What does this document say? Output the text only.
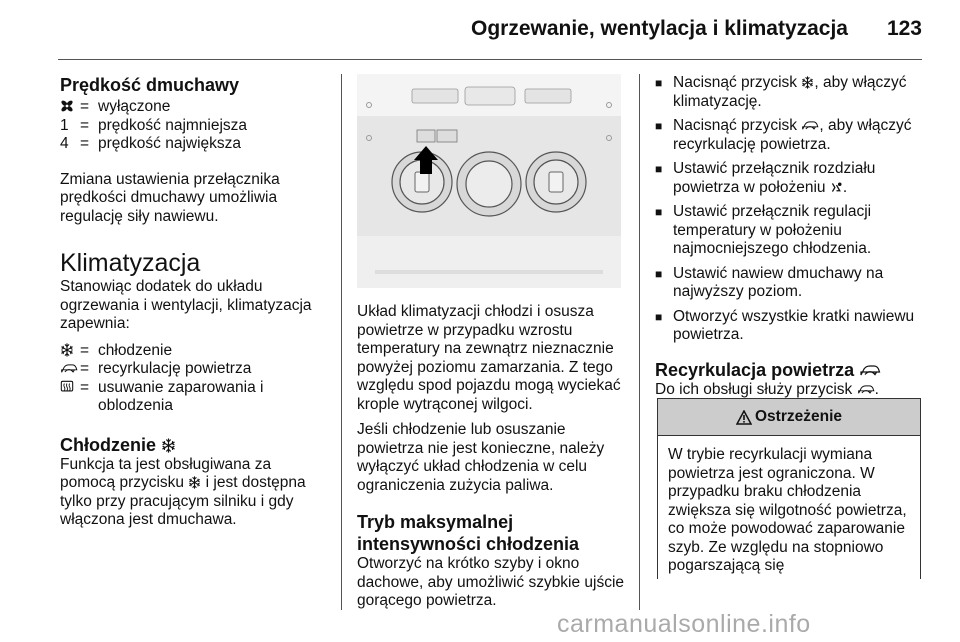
Ogrzewanie, wentylacja i klimatyzacja 123
Prędkość dmuchawy
= wyłączone
1 = prędkość najmniejsza
4 = prędkość największa

Zmiana ustawienia przełącznika prędkości dmuchawy umożliwia regulację siły nawiewu.

Klimatyzacja

Stanowiąc dodatek do układu ogrzewania i wentylacji, klimatyzacja zapewnia:

= chłodzenie
= recyrkulację powietrza
= usuwanie zaparowania i oblodzenia
Chłodzenie

Funkcja ta jest obsługiwana za pomocą przycisku i jest dostępna tylko przy pracującym silniku i gdy włączona jest dmuchawa.

Układ klimatyzacji chłodzi i osusza powietrze w przypadku wzrostu temperatury na zewnątrz nieznacznie powyżej poziomu zamarzania. Z tego względu spod pojazdu mogą wyciekać krople wytrąconej wilgoci.

Jeśli chłodzenie lub osuszanie powietrza nie jest konieczne, należy wyłączyć układ chłodzenia w celu ograniczenia zużycia paliwa.

Tryb maksymalnej intensywności chłodzenia

Otworzyć na krótko szyby i okno dachowe, aby umożliwić szybkie ujście gorącego powietrza.

■ Nacisnąć przycisk , aby włączyć klimatyzację.
■ Nacisnąć przycisk , aby włączyć recyrkulację powietrza.
■ Ustawić przełącznik rozdziału powietrza w położeniu .
■ Ustawić przełącznik regulacji temperatury w położeniu najmocniejszego chłodzenia.
■ Ustawić nawiew dmuchawy na najwyższy poziom.
■ Otworzyć wszystkie kratki nawiewu powietrza.
Recyrkulacja powietrza

Do ich obsługi służy przycisk .

Ostrzeżenie
W trybie recyrkulacji wymiana powietrza jest ograniczona. W przypadku braku chłodzenia zwiększa się wilgotność powietrza, co może powodować zaparowanie szyb. Ze względu na stopniowo pogarszającą się
carmanualsonline.info
